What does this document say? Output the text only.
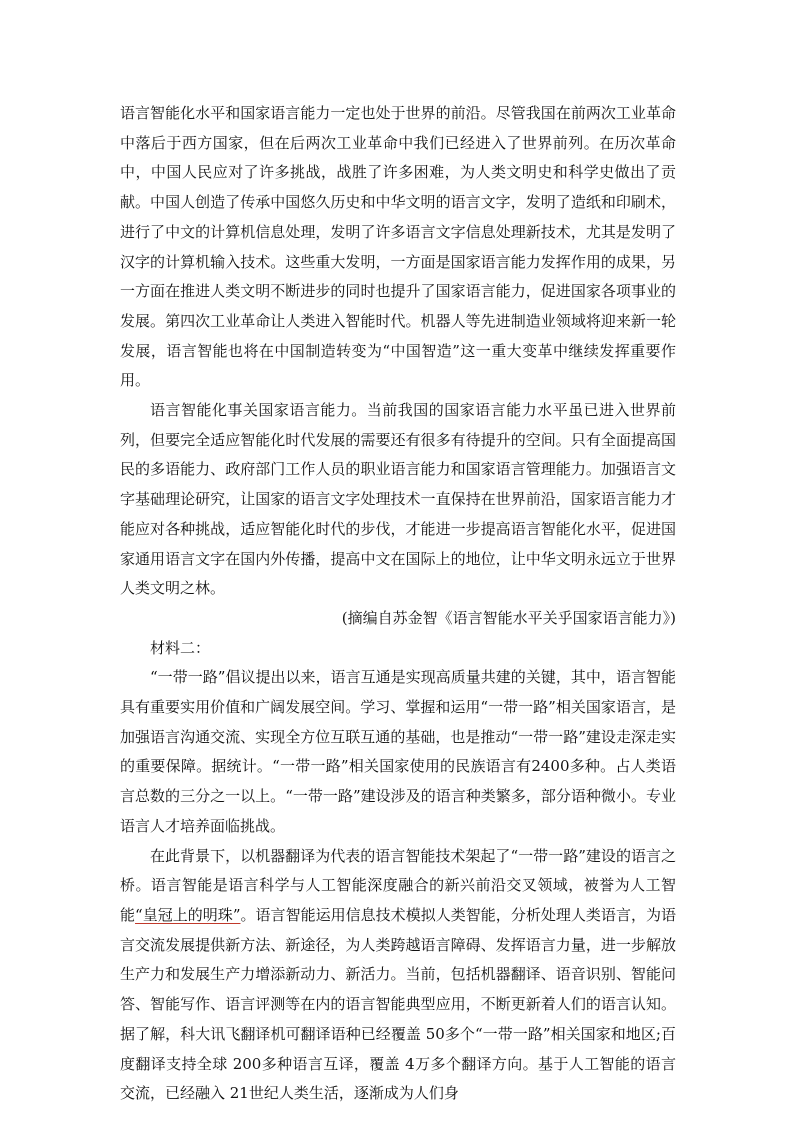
语言智能化水平和国家语言能力一定也处于世界的前沿。尽管我国在前两次工业革命中落后于西方国家，但在后两次工业革命中我们已经进入了世界前列。在历次革命中，中国人民应对了许多挑战，战胜了许多困难，为人类文明史和科学史做出了贡献。中国人创造了传承中国悠久历史和中华文明的语言文字，发明了造纸和印刷术，进行了中文的计算机信息处理，发明了许多语言文字信息处理新技术，尤其是发明了汉字的计算机输入技术。这些重大发明，一方面是国家语言能力发挥作用的成果，另一方面在推进人类文明不断进步的同时也提升了国家语言能力，促进国家各项事业的发展。第四次工业革命让人类进入智能时代。机器人等先进制造业领域将迎来新一轮发展，语言智能也将在中国制造转变为“中国智造”这一重大变革中继续发挥重要作用。

语言智能化事关国家语言能力。当前我国的国家语言能力水平虽已进入世界前列，但要完全适应智能化时代发展的需要还有很多有待提升的空间。只有全面提高国民的多语能力、政府部门工作人员的职业语言能力和国家语言管理能力。加强语言文字基础理论研究，让国家的语言文字处理技术一直保持在世界前沿，国家语言能力才能应对各种挑战，适应智能化时代的步伐，才能进一步提高语言智能化水平，促进国家通用语言文字在国内外传播，提高中文在国际上的地位，让中华文明永远立于世界人类文明之林。

(摘编自苏金智《语言智能水平关乎国家语言能力》)

材料二：

“一带一路”倡议提出以来，语言互通是实现高质量共建的关键，其中，语言智能具有重要实用价值和广阔发展空间。学习、掌握和运用“一带一路”相关国家语言，是加强语言沟通交流、实现全方位互联互通的基础，也是推动“一带一路”建设走深走实的重要保障。据统计。“一带一路”相关国家使用的民族语言有2400多种。占人类语言总数的三分之一以上。“一带一路”建设涉及的语言种类繁多，部分语种微小。专业语言人才培养面临挑战。

在此背景下，以机器翻译为代表的语言智能技术架起了“一带一路”建设的语言之桥。语言智能是语言科学与人工智能深度融合的新兴前沿交叉领域，被誉为人工智能“皇冠上的明珠”。语言智能运用信息技术模拟人类智能，分析处理人类语言，为语言交流发展提供新方法、新途径，为人类跨越语言障碍、发挥语言力量，进一步解放生产力和发展生产力增添新动力、新活力。当前，包括机器翻译、语音识别、智能问答、智能写作、语言评测等在内的语言智能典型应用，不断更新着人们的语言认知。据了解，科大讯飞翻译机可翻译语种已经覆盖 50多个“一带一路”相关国家和地区;百度翻译支持全球 200多种语言互译，覆盖 4万多个翻译方向。基于人工智能的语言交流，已经融入 21世纪人类生活，逐渐成为人们身
